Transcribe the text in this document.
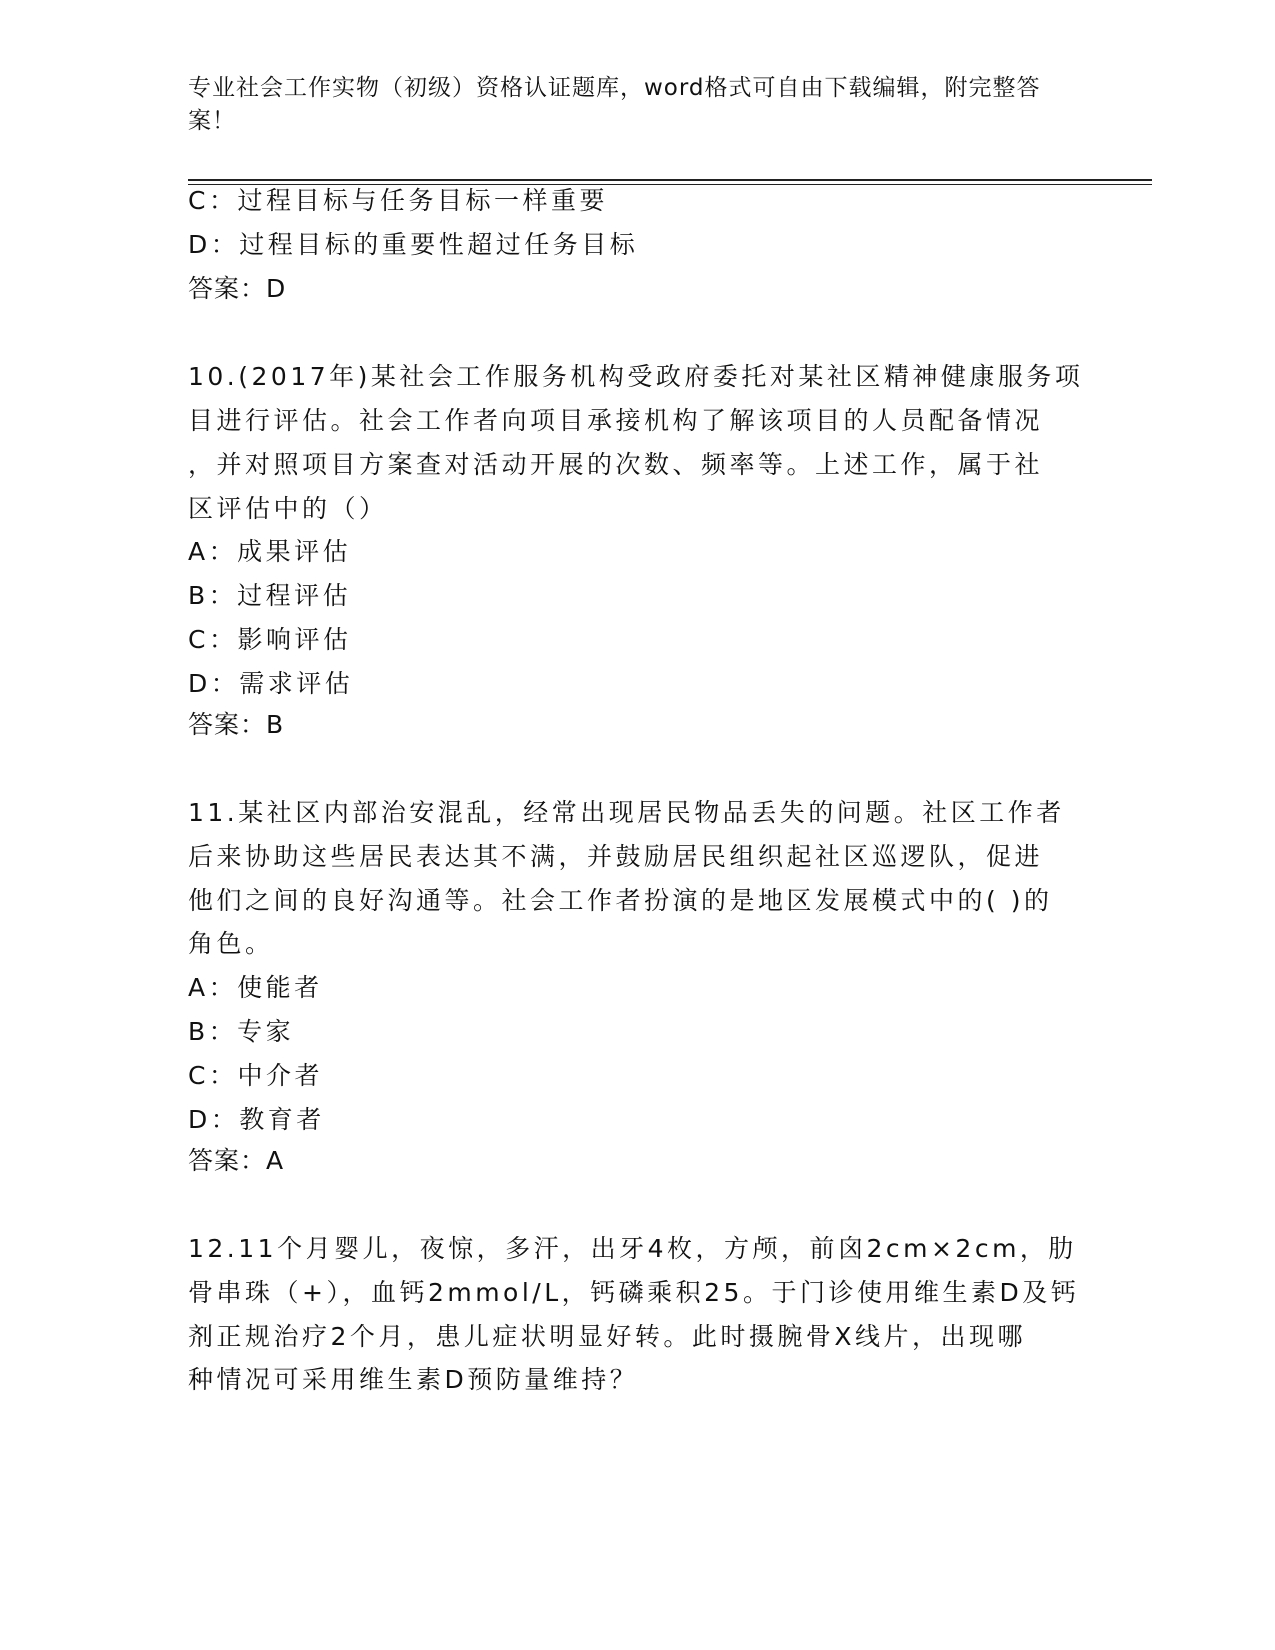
专业社会工作实物（初级）资格认证题库，word格式可自由下载编辑，附完整答案！
C：过程目标与任务目标一样重要
D：过程目标的重要性超过任务目标
答案：D
10.(2017年)某社会工作服务机构受政府委托对某社区精神健康服务项
目进行评估。社会工作者向项目承接机构了解该项目的人员配备情况
，并对照项目方案查对活动开展的次数、频率等。上述工作，属于社
区评估中的（）
A：成果评估
B：过程评估
C：影响评估
D：需求评估
答案：B
11.某社区内部治安混乱，经常出现居民物品丢失的问题。社区工作者
后来协助这些居民表达其不满，并鼓励居民组织起社区巡逻队，促进
他们之间的良好沟通等。社会工作者扮演的是地区发展模式中的( )的
角色。
A：使能者
B：专家
C：中介者
D：教育者
答案：A
12.11个月婴儿，夜惊，多汗，出牙4枚，方颅，前囟2cm×2cm，肋
骨串珠（+），血钙2mmol/L，钙磷乘积25。于门诊使用维生素D及钙
剂正规治疗2个月，患儿症状明显好转。此时摄腕骨X线片，出现哪
种情况可采用维生素D预防量维持？
